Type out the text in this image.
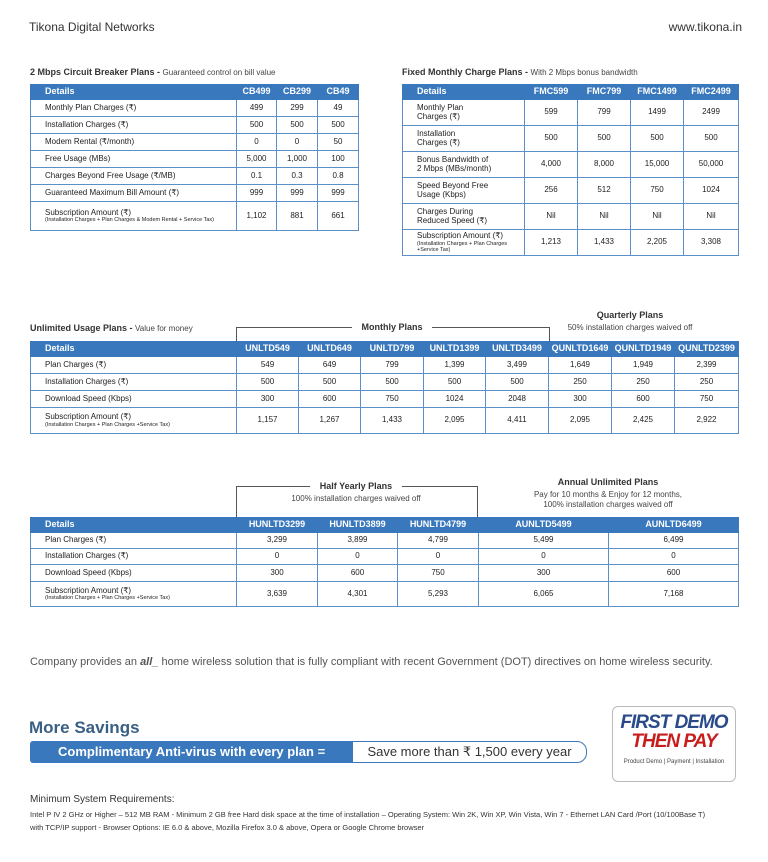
Tikona Digital Networks	www.tikona.in
2 Mbps Circuit Breaker Plans - Guaranteed control on bill value
Details	CB499	CB299	CB49
Monthly Plan Charges (₹)	499	299	49
Installation Charges (₹)	500	500	500
Modem Rental (₹/month)	0	0	50
Free Usage (MBs)	5,000	1,000	100
Charges Beyond Free Usage (₹/MB)	0.1	0.3	0.8
Guaranteed Maximum Bill Amount (₹)	999	999	999
Subscription Amount (₹)
(Installation Charges + Plan Charges & Modem Rental + Service Tax)	1,102	881	661
Fixed Monthly Charge Plans - With 2 Mbps bonus bandwidth
Details	FMC599	FMC799	FMC1499	FMC2499
Monthly Plan
Charges (₹)	599	799	1499	2499
Installation
Charges (₹)	500	500	500	500
Bonus Bandwidth of
2 Mbps (MBs/month)	4,000	8,000	15,000	50,000
Speed Beyond Free
Usage (Kbps)	256	512	750	1024
Charges During
Reduced Speed (₹)	Nil	Nil	Nil	Nil
Subscription Amount (₹)
(Installation Charges + Plan Charges +Service Tax)	1,213	1,433	2,205	3,308
Unlimited Usage Plans - Value for money	Monthly Plans
Quarterly Plans
50% installation charges waived off
Details	UNLTD549	UNLTD649	UNLTD799	UNLTD1399	UNLTD3499	QUNLTD1649	QUNLTD1949	QUNLTD2399
Plan Charges (₹)	549	649	799	1,399	3,499	1,649	1,949	2,399
Installation Charges (₹)	500	500	500	500	500	250	250	250
Download Speed (Kbps)	300	600	750	1024	2048	300	600	750
Subscription Amount (₹)
(Installation Charges + Plan Charges +Service Tax)	1,157	1,267	1,433	2,095	4,411	2,095	2,425	2,922
Half Yearly Plans
100% installation charges waived off
Annual Unlimited Plans
Pay for 10 months & Enjoy for 12 months,
100% installation charges waived off
Details	HUNLTD3299	HUNLTD3899	HUNLTD4799	AUNLTD5499	AUNLTD6499
Plan Charges (₹)	3,299	3,899	4,799	5,499	6,499
Installation Charges (₹)	0	0	0	0	0
Download Speed (Kbps)	300	600	750	300	600
Subscription Amount (₹)
(Installation Charges + Plan Charges +Service Tax)	3,639	4,301	5,293	6,065	7,168
Company provides an all_ home wireless solution that is fully compliant with recent Government (DOT) directives on home wireless security.
More Savings
Complimentary Anti-virus with every plan =	Save more than ₹ 1,500 every year
FIRST DEMO
THEN PAY
Product Demo | Payment | Installation
Minimum System Requirements:
Intel P IV 2 GHz or Higher – 512 MB RAM - Minimum 2 GB free Hard disk space at the time of installation – Operating System: Win 2K, Win XP, Win Vista, Win 7 - Ethernet LAN Card /Port (10/100Base T)
with TCP/IP support - Browser Options: IE 6.0 & above, Mozilla Firefox 3.0 & above, Opera or Google Chrome browser
